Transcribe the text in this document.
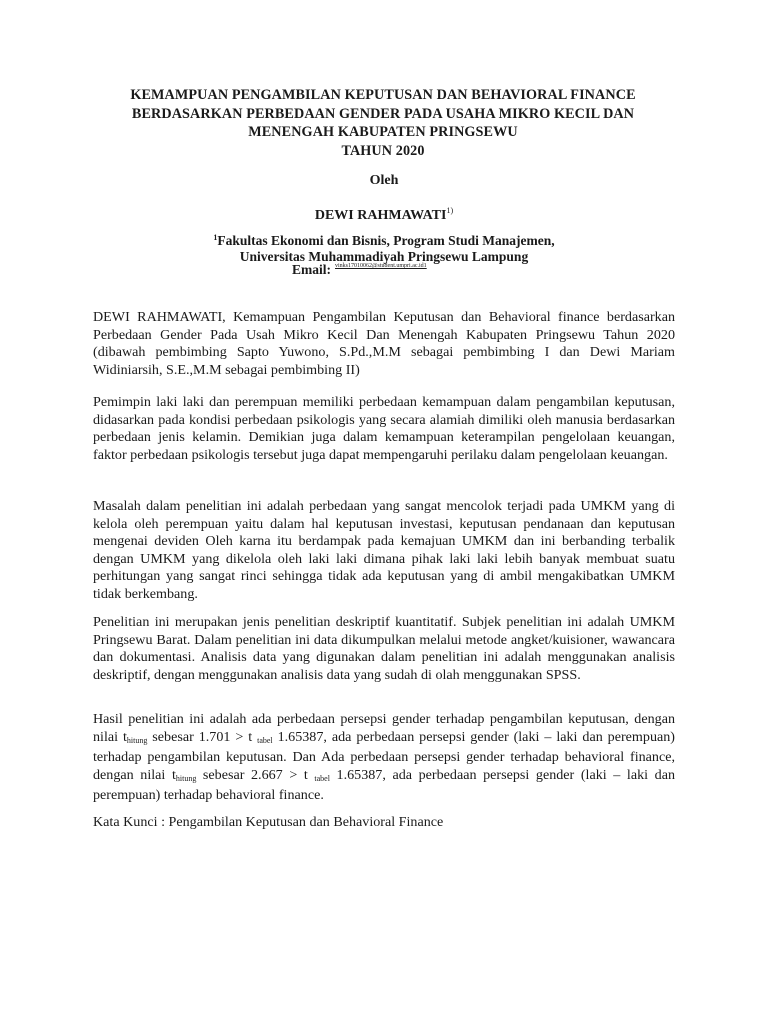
KEMAMPUAN PENGAMBILAN KEPUTUSAN DAN BEHAVIORAL FINANCE
BERDASARKAN PERBEDAAN GENDER PADA USAHA MIKRO KECIL DAN
MENENGAH KABUPATEN PRINGSEWU
TAHUN 2020
Oleh
DEWI RAHMAWATI$^{1)}$
$^1$Fakultas Ekonomi dan Bisnis, Program Studi Manajemen,
Universitas Muhammadiyah Pringsewu Lampung
Email: $^{vinks17010062@student.umpri.ac.id1}$

DEWI RAHMAWATI, Kemampuan Pengambilan Keputusan dan Behavioral finance berdasarkan Perbedaan Gender Pada Usah Mikro Kecil Dan Menengah Kabupaten Pringsewu Tahun 2020 (dibawah pembimbing Sapto Yuwono, S.Pd.,M.M sebagai pembimbing I dan Dewi Mariam Widiniarsih, S.E.,M.M sebagai pembimbing II)

Pemimpin laki laki dan perempuan memiliki perbedaan kemampuan dalam pengambilan keputusan, didasarkan pada kondisi perbedaan psikologis yang secara alamiah dimiliki oleh manusia berdasarkan perbedaan jenis kelamin. Demikian juga dalam kemampuan keterampilan pengelolaan keuangan, faktor perbedaan psikologis tersebut juga dapat mempengaruhi perilaku dalam pengelolaan keuangan.

Masalah dalam penelitian ini adalah perbedaan yang sangat mencolok terjadi pada UMKM yang di kelola oleh perempuan yaitu dalam hal keputusan investasi, keputusan pendanaan dan keputusan mengenai deviden Oleh karna itu berdampak pada kemajuan UMKM dan ini berbanding terbalik dengan UMKM yang dikelola oleh laki laki dimana pihak laki laki lebih banyak membuat suatu perhitungan yang sangat rinci sehingga tidak ada keputusan yang di ambil mengakibatkan UMKM tidak berkembang.

Penelitian ini merupakan jenis penelitian deskriptif kuantitatif. Subjek penelitian ini adalah UMKM Pringsewu Barat. Dalam penelitian ini data dikumpulkan melalui metode angket/kuisioner, wawancara dan dokumentasi. Analisis data yang digunakan dalam penelitian ini adalah menggunakan analisis deskriptif, dengan menggunakan analisis data yang sudah di olah menggunakan SPSS.

Hasil penelitian ini adalah ada perbedaan persepsi gender terhadap pengambilan keputusan, dengan nilai $t_{hitung}$ sebesar 1.701 > t $_{tabel}$ 1.65387, ada perbedaan persepsi gender (laki – laki dan perempuan) terhadap pengambilan keputusan. Dan Ada perbedaan persepsi gender terhadap behavioral finance, dengan nilai $t_{hitung}$ sebesar 2.667 > t $_{tabel}$ 1.65387, ada perbedaan persepsi gender (laki – laki dan perempuan) terhadap behavioral finance.

Kata Kunci : Pengambilan Keputusan dan Behavioral Finance
